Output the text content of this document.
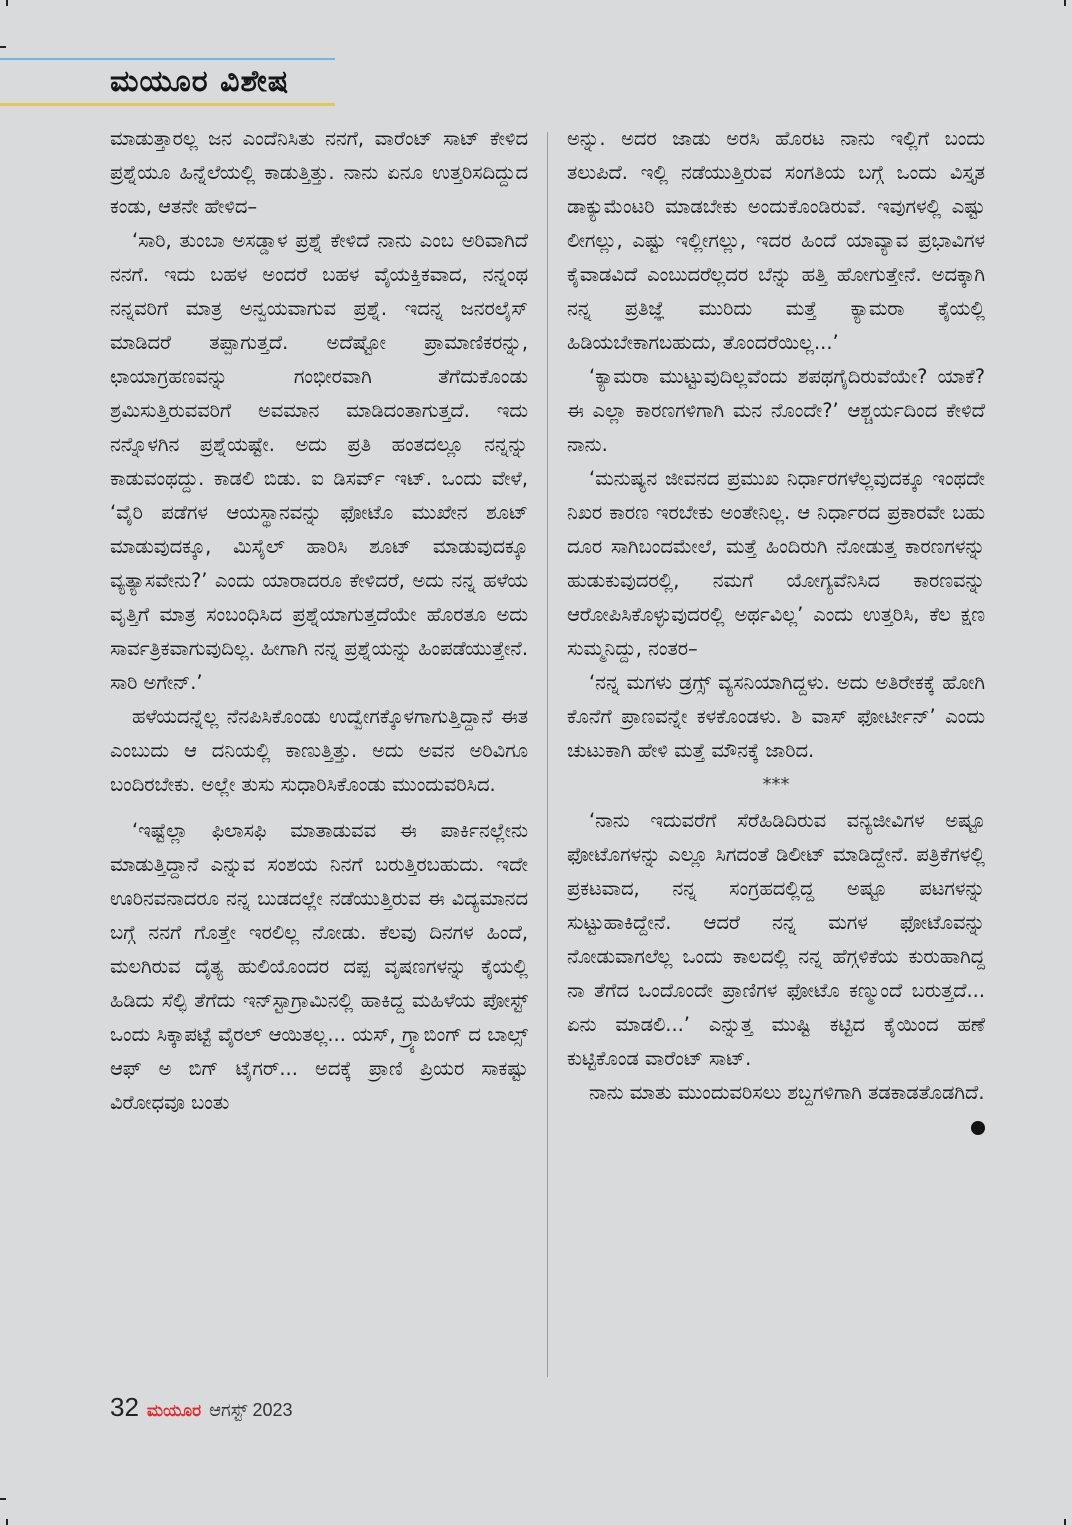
ಮಯೂರ ವಿಶೇಷ

ಮಾಡುತ್ತಾರಲ್ಲ ಜನ ಎಂದೆನಿಸಿತು ನನಗೆ, ವಾರೆಂಟ್ ಸಾಟ್ ಕೇಳಿದ ಪ್ರಶ್ನೆಯೂ ಹಿನ್ನೆಲೆಯಲ್ಲಿ ಕಾಡುತ್ತಿತ್ತು. ನಾನು ಏನೂ ಉತ್ತರಿಸದಿದ್ದುದ ಕಂಡು, ಆತನೇ ಹೇಳಿದ–

‘ಸಾರಿ, ತುಂಬಾ ಅಸಡ್ಡಾಳ ಪ್ರಶ್ನೆ ಕೇಳಿದೆ ನಾನು ಎಂಬ ಅರಿವಾಗಿದೆ ನನಗೆ. ಇದು ಬಹಳ ಅಂದರೆ ಬಹಳ ವೈಯಕ್ತಿಕವಾದ, ನನ್ನಂಥ ನನ್ನವರಿಗೆ ಮಾತ್ರ ಅನ್ವಯವಾಗುವ ಪ್ರಶ್ನೆ. ಇದನ್ನ ಜನರಲೈಸ್ ಮಾಡಿದರೆ ತಪ್ಪಾಗುತ್ತದೆ. ಅದೆಷ್ಟೋ ಪ್ರಾಮಾಣಿಕರನ್ನು, ಛಾಯಾಗ್ರಹಣವನ್ನು ಗಂಭೀರವಾಗಿ ತೆಗೆದುಕೊಂಡು ಶ್ರಮಿಸುತ್ತಿರುವವರಿಗೆ ಅವಮಾನ ಮಾಡಿದಂತಾಗುತ್ತದೆ. ಇದು ನನ್ನೊಳಗಿನ ಪ್ರಶ್ನೆಯಷ್ಟೇ. ಅದು ಪ್ರತಿ ಹಂತದಲ್ಲೂ ನನ್ನನ್ನು ಕಾಡುವಂಥದ್ದು. ಕಾಡಲಿ ಬಿಡು. ಐ ಡಿಸರ್ವ್ ಇಟ್. ಒಂದು ವೇಳೆ, ‘ವೈರಿ ಪಡೆಗಳ ಆಯಸ್ಥಾನವನ್ನು ಫೋಟೊ ಮುಖೇನ ಶೂಟ್ ಮಾಡುವುದಕ್ಕೂ, ಮಿಸೈಲ್ ಹಾರಿಸಿ ಶೂಟ್ ಮಾಡುವುದಕ್ಕೂ ವ್ಯತ್ಯಾಸವೇನು?’ ಎಂದು ಯಾರಾದರೂ ಕೇಳಿದರೆ, ಅದು ನನ್ನ ಹಳೆಯ ವೃತ್ತಿಗೆ ಮಾತ್ರ ಸಂಬಂಧಿಸಿದ ಪ್ರಶ್ನೆಯಾಗುತ್ತದೆಯೇ ಹೊರತೂ ಅದು ಸಾರ್ವತ್ರಿಕವಾಗುವುದಿಲ್ಲ. ಹೀಗಾಗಿ ನನ್ನ ಪ್ರಶ್ನೆಯನ್ನು ಹಿಂಪಡೆಯುತ್ತೇನೆ. ಸಾರಿ ಅಗೇನ್.’

ಹಳೆಯದನ್ನೆಲ್ಲ ನೆನಪಿಸಿಕೊಂಡು ಉದ್ವೇಗಕ್ಕೊಳಗಾಗುತ್ತಿದ್ದಾನೆ ಈತ ಎಂಬುದು ಆ ದನಿಯಲ್ಲಿ ಕಾಣುತ್ತಿತ್ತು. ಅದು ಅವನ ಅರಿವಿಗೂ ಬಂದಿರಬೇಕು. ಅಲ್ಲೇ ತುಸು ಸುಧಾರಿಸಿಕೊಂಡು ಮುಂದುವರಿಸಿದ.

‘ಇಷ್ಟೆಲ್ಲಾ ಫಿಲಾಸಫಿ ಮಾತಾಡುವವ ಈ ಪಾರ್ಕಿನಲ್ಲೇನು ಮಾಡುತ್ತಿದ್ದಾನೆ ಎನ್ನುವ ಸಂಶಯ ನಿನಗೆ ಬರುತ್ತಿರಬಹುದು. ಇದೇ ಊರಿನವನಾದರೂ ನನ್ನ ಬುಡದಲ್ಲೇ ನಡೆಯುತ್ತಿರುವ ಈ ವಿದ್ಯಮಾನದ ಬಗ್ಗೆ ನನಗೆ ಗೊತ್ತೇ ಇರಲಿಲ್ಲ ನೋಡು. ಕೆಲವು ದಿನಗಳ ಹಿಂದೆ, ಮಲಗಿರುವ ದೈತ್ಯ ಹುಲಿಯೊಂದರ ದಪ್ಪ ವೃಷಣಗಳನ್ನು ಕೈಯಲ್ಲಿ ಹಿಡಿದು ಸೆಲ್ಫಿ ತೆಗೆದು ಇನ್‌ಸ್ಟಾಗ್ರಾಮಿನಲ್ಲಿ ಹಾಕಿದ್ದ ಮಹಿಳೆಯ ಪೋಸ್ಟ್ ಒಂದು ಸಿಕ್ಕಾಪಟ್ಟೆ ವೈರಲ್ ಆಯಿತಲ್ಲ... ಯಸ್, ಗ್ರ್ಯಾಬಿಂಗ್ ದ ಬಾಲ್ಸ್ ಆಫ್ ಅ ಬಿಗ್ ಟೈಗರ್... ಅದಕ್ಕೆ ಪ್ರಾಣಿ ಪ್ರಿಯರ ಸಾಕಷ್ಟು ವಿರೋಧವೂ ಬಂತು

ಅನ್ನು. ಅದರ ಜಾಡು ಅರಸಿ ಹೊರಟ ನಾನು ಇಲ್ಲಿಗೆ ಬಂದು ತಲುಪಿದೆ. ಇಲ್ಲಿ ನಡೆಯುತ್ತಿರುವ ಸಂಗತಿಯ ಬಗ್ಗೆ ಒಂದು ವಿಸ್ತೃತ ಡಾಕ್ಯುಮೆಂಟರಿ ಮಾಡಬೇಕು ಅಂದುಕೊಂಡಿರುವೆ. ಇವುಗಳಲ್ಲಿ ಎಷ್ಟು ಲೀಗಲ್ಲು, ಎಷ್ಟು ಇಲ್ಲೀಗಲ್ಲು, ಇದರ ಹಿಂದೆ ಯಾವ್ಯಾವ ಪ್ರಭಾವಿಗಳ ಕೈವಾಡವಿದೆ ಎಂಬುದರೆಲ್ಲದರ ಬೆನ್ನು ಹತ್ತಿ ಹೋಗುತ್ತೇನೆ. ಅದಕ್ಕಾಗಿ ನನ್ನ ಪ್ರತಿಜ್ಞೆ ಮುರಿದು ಮತ್ತೆ ಕ್ಯಾಮರಾ ಕೈಯಲ್ಲಿ ಹಿಡಿಯಬೇಕಾಗಬಹುದು, ತೊಂದರೆಯಿಲ್ಲ...’

‘ಕ್ಯಾಮರಾ ಮುಟ್ಟುವುದಿಲ್ಲವೆಂದು ಶಪಥಗೈದಿರುವೆಯೇ? ಯಾಕೆ? ಈ ಎಲ್ಲಾ ಕಾರಣಗಳಿಗಾಗಿ ಮನ ನೊಂದೇ?’ ಆಶ್ಚರ್ಯದಿಂದ ಕೇಳಿದೆ ನಾನು.

‘ಮನುಷ್ಯನ ಜೀವನದ ಪ್ರಮುಖ ನಿರ್ಧಾರಗಳೆಲ್ಲವುದಕ್ಕೂ ಇಂಥದೇ ನಿಖರ ಕಾರಣ ಇರಬೇಕು ಅಂತೇನಿಲ್ಲ. ಆ ನಿರ್ಧಾರದ ಪ್ರಕಾರವೇ ಬಹು ದೂರ ಸಾಗಿಬಂದಮೇಲೆ, ಮತ್ತೆ ಹಿಂದಿರುಗಿ ನೋಡುತ್ತ ಕಾರಣಗಳನ್ನು ಹುಡುಕುವುದರಲ್ಲಿ, ನಮಗೆ ಯೋಗ್ಯವೆನಿಸಿದ ಕಾರಣವನ್ನು ಆರೋಪಿಸಿಕೊಳ್ಳುವುದರಲ್ಲಿ ಅರ್ಥವಿಲ್ಲ’ ಎಂದು ಉತ್ತರಿಸಿ, ಕೆಲ ಕ್ಷಣ ಸುಮ್ಮನಿದ್ದು, ನಂತರ–

‘ನನ್ನ ಮಗಳು ಡ್ರಗ್ಸ್ ವ್ಯಸನಿಯಾಗಿದ್ದಳು. ಅದು ಅತಿರೇಕಕ್ಕೆ ಹೋಗಿ ಕೊನೆಗೆ ಪ್ರಾಣವನ್ನೇ ಕಳಕೊಂಡಳು. ಶಿ ವಾಸ್ ಫೋರ್ಟೀನ್’ ಎಂದು ಚುಟುಕಾಗಿ ಹೇಳಿ ಮತ್ತೆ ಮೌನಕ್ಕೆ ಜಾರಿದ.

***

‘ನಾನು ಇದುವರೆಗೆ ಸೆರೆಹಿಡಿದಿರುವ ವನ್ಯಜೀವಿಗಳ ಅಷ್ಟೂ ಫೋಟೊಗಳನ್ನು ಎಲ್ಲೂ ಸಿಗದಂತೆ ಡಿಲೀಟ್ ಮಾಡಿದ್ದೇನೆ. ಪತ್ರಿಕೆಗಳಲ್ಲಿ ಪ್ರಕಟವಾದ, ನನ್ನ ಸಂಗ್ರಹದಲ್ಲಿದ್ದ ಅಷ್ಟೂ ಪಟಗಳನ್ನು ಸುಟ್ಟುಹಾಕಿದ್ದೇನೆ. ಆದರೆ ನನ್ನ ಮಗಳ ಫೋಟೊವನ್ನು ನೋಡುವಾಗಲೆಲ್ಲ ಒಂದು ಕಾಲದಲ್ಲಿ ನನ್ನ ಹೆಗ್ಗಳಿಕೆಯ ಕುರುಹಾಗಿದ್ದ ನಾ ತೆಗೆದ ಒಂದೊಂದೇ ಪ್ರಾಣಿಗಳ ಫೋಟೊ ಕಣ್ಮುಂದೆ ಬರುತ್ತದೆ... ಏನು ಮಾಡಲಿ...’ ಎನ್ನುತ್ತ ಮುಷ್ಟಿ ಕಟ್ಟಿದ ಕೈಯಿಂದ ಹಣೆ ಕುಟ್ಟಿಕೊಂಡ ವಾರೆಂಟ್ ಸಾಟ್.

ನಾನು ಮಾತು ಮುಂದುವರಿಸಲು ಶಬ್ದಗಳಿಗಾಗಿ ತಡಕಾಡತೊಡಗಿದೆ.

32 ಮಯೂರ ಆಗಸ್ಟ್ 2023
